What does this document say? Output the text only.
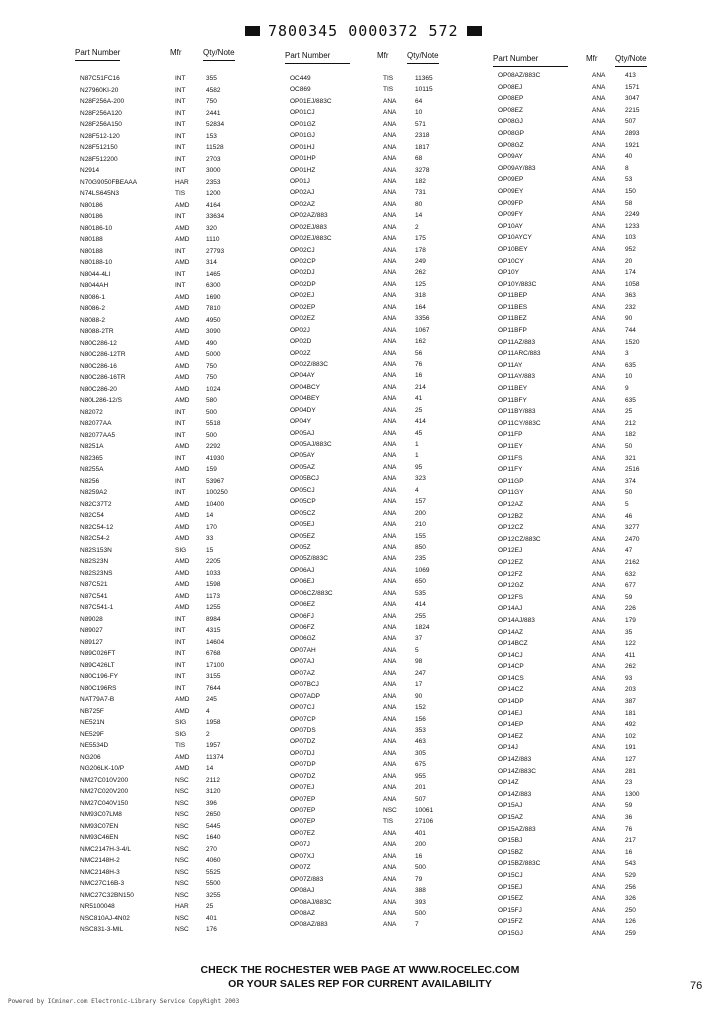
7800345 0000372 572
Part Number	Mfr	Qty/Note	Part Number	Mfr Qty/Note	Part Number	Mfr Qty/Note
N87C51FC16	INT	355
N27960KI-20	INT	4582
N28F256A-200	INT	750
N28F256A120	INT	2441
N28F256A150	INT	52834
N28F512-120	INT	153
N28F512150	INT	11528
N28F512200	INT	2703
N2914	INT	3000
N70G9050FBEAAA	HAR	2353
N74LS645N3	TIS	1200
N80186	AMD	4164
N80186	INT	33634
N80186-10	AMD	320
N80188	AMD	1110
N80188	INT	27793
N80188-10	AMD	314
N8044-4LI	INT	1465
N8044AH	INT	6300
N8086-1	AMD	1690
N8086-2	AMD	7810
N8088-2	AMD	4950
N8088-2TR	AMD	3090
N80C286-12	AMD	490
N80C286-12TR	AMD	5000
N80C286-16	AMD	750
N80C286-16TR	AMD	750
N80C286-20	AMD	1024
N80L286-12/S	AMD	580
N82072	INT	500
N82077AA	INT	5518
N82077AA5	INT	500
N8251A	AMD	2292
N82365	INT	41930
N8255A	AMD	159
N8256	INT	53967
N8259A2	INT	100250
N82C37T2	AMD	10400
N82C54	AMD	14
N82C54-12	AMD	170
N82C54-2	AMD	33
N82S153N	SIG	15
N82S23N	AMD	2205
N82S23NS	AMD	1033
N87C521	AMD	1598
N87C541	AMD	1173
N87C541-1	AMD	1255
N89028	INT	8984
N89027	INT	4315
N89127	INT	14604
N89C026FT	INT	6768
N89C426LT	INT	17100
N80C196-FY	INT	3155
N80C196RS	INT	7644
NAT79A7-B	AMD	245
NB725F	AMD	4
NE521N	SIG	1958
NE529F	SIG	2
NE5534D	TIS	1957
NG206	AMD	11374
NG206LK-10/P	AMD	14
NM27C010V200	NSC	2112
NM27C020V200	NSC	3120
NM27C040V150	NSC	396
NM93C07LM8	NSC	2650
NM93C07EN	NSC	5445
NM93C46EN	NSC	1640
NMC2147H-3-4/L	NSC	270
NMC2148H-2	NSC	4060
NMC2148H-3	NSC	5525
NMC27C16B-3	NSC	5500
NMC27C32BN150	NSC	3255
NR5100048	HAR	25
NSC810AJ-4N02	NSC	401
NSC831-3-MIL	NSC	176
OC449	TIS	11365
OC869	TIS	10115
OP01EJ/883C	ANA	64
OP01CJ	ANA	10
OP01GZ	ANA	571
OP01GJ	ANA	2318
OP01HJ	ANA	1817
OP01HP	ANA	68
OP01HZ	ANA	3278
OP01J	ANA	182
OP02AJ	ANA	731
OP02AZ	ANA	80
OP02AZ/883	ANA	14
OP02EJ/883	ANA	2
OP02EJ/883C	ANA	175
OP02CJ	ANA	178
OP02CP	ANA	249
OP02DJ	ANA	262
OP02DP	ANA	125
OP02EJ	ANA	318
OP02EP	ANA	164
OP02EZ	ANA	3356
OP02J	ANA	1067
OP02D	ANA	162
OP02Z	ANA	56
OP02Z/883C	ANA	76
OP04AY	ANA	16
OP04BCY	ANA	214
OP04BEY	ANA	41
OP04DY	ANA	25
OP04Y	ANA	414
OP05AJ	ANA	45
OP05AJ/883C	ANA	1
OP05AY	ANA	1
OP05AZ	ANA	95
OP05BCJ	ANA	323
OP05CJ	ANA	4
OP05CP	ANA	157
OP05CZ	ANA	200
OP05EJ	ANA	210
OP05EZ	ANA	155
OP05Z	ANA	850
OP05Z/883C	ANA	235
OP06AJ	ANA	1069
OP06EJ	ANA	650
OP06CZ/883C	ANA	535
OP06EZ	ANA	414
OP06FJ	ANA	255
OP06FZ	ANA	1824
OP06GZ	ANA	37
OP07AH	ANA	5
OP07AJ	ANA	98
OP07AZ	ANA	247
OP07BCJ	ANA	17
OP07ADP	ANA	90
OP07CJ	ANA	152
OP07CP	ANA	156
OP07DS	ANA	353
OP07DZ	ANA	463
OP07DJ	ANA	305
OP07DP	ANA	675
OP07DZ	ANA	955
OP07EJ	ANA	201
OP07EP	ANA	507
OP07EP	NSC	10061
OP07EP	TIS	27106
OP07EZ	ANA	401
OP07J	ANA	200
OP07XJ	ANA	16
OP07Z	ANA	500
OP07Z/883	ANA	79
OP08AJ	ANA	388
OP08AJ/883C	ANA	393
OP08AZ	ANA	500
OP08AZ/883	ANA	7
OP08AZ/883C	ANA	413
OP08EJ	ANA	1571
OP08EP	ANA	3047
OP08EZ	ANA	2215
OP08GJ	ANA	507
OP08GP	ANA	2893
OP08GZ	ANA	1921
OP09AY	ANA	40
OP09AY/883	ANA	8
OP09EP	ANA	53
OP09EY	ANA	150
OP09FP	ANA	58
OP09FY	ANA	2249
OP10AY	ANA	1233
OP10AYCY	ANA	103
OP10BEY	ANA	952
OP10CY	ANA	20
OP10Y	ANA	174
OP10Y/883C	ANA	1058
OP11BEP	ANA	363
OP11BES	ANA	232
OP11BEZ	ANA	90
OP11BFP	ANA	744
OP11AZ/883	ANA	1520
OP11ARC/883	ANA	3
OP11AY	ANA	635
OP11AY/883	ANA	10
OP11BEY	ANA	9
OP11BFY	ANA	635
OP11BY/883	ANA	25
OP11CY/883C	ANA	212
OP11FP	ANA	182
OP11EY	ANA	50
OP11FS	ANA	321
OP11FY	ANA	2516
OP11GP	ANA	374
OP11GY	ANA	50
OP12AZ	ANA	5
OP12BZ	ANA	46
OP12CZ	ANA	3277
OP12CZ/883C	ANA	2470
OP12EJ	ANA	47
OP12EZ	ANA	2162
OP12FZ	ANA	632
OP12GZ	ANA	677
OP12FS	ANA	59
OP14AJ	ANA	226
OP14AJ/883	ANA	179
OP14AZ	ANA	35
OP14BCZ	ANA	122
OP14CJ	ANA	411
OP14CP	ANA	262
OP14CS	ANA	93
OP14CZ	ANA	203
OP14DP	ANA	387
OP14EJ	ANA	181
OP14EP	ANA	492
OP14EZ	ANA	102
OP14J	ANA	191
OP14Z/883	ANA	127
OP14Z/883C	ANA	281
OP14Z	ANA	23
OP14Z/883	ANA	1300
OP15AJ	ANA	59
OP15AZ	ANA	36
OP15AZ/883	ANA	76
OP15BJ	ANA	217
OP15BZ	ANA	16
OP15BZ/883C	ANA	543
OP15CJ	ANA	529
OP15EJ	ANA	256
OP15EZ	ANA	326
OP15FJ	ANA	250
OP15FZ	ANA	126
OP15GJ	ANA	259
CHECK THE ROCHESTER WEB PAGE AT WWW.ROCELEC.COM
OR YOUR SALES REP FOR CURRENT AVAILABILITY
Powered by ICminer.com Electronic-Library Service CopyRight 2003
76
